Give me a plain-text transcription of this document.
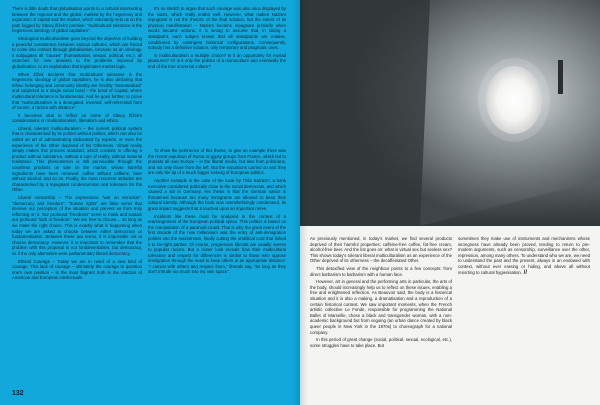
There is little doubt that globalisation points to a cultural intersecting between the regional and the global, marked by the hegemony and expansion of capital and the market, which voluntarily sets us on the path fogged by Slavoj Žižek's premise: "multicultural tolerance is the hegemonic ideology of global capitalism".

Ideological multiculturalism goes beyond the objective of building a peaceful coexistence between various cultures, which are forced to come into contact through globalisation, because as an ideology, it subjugates all "causes" (humanitarian, sexual, political, etc.), all searches for new answers to the problems imposed by globalisation, to an exploitation that legitimates market logic.

When Žižek declares that multicultural tolerance is the hegemonic ideology of global capitalism, he is also declaring that ethnic belonging and community identity are forcibly "essentialised" and subjected to a single social bond – the bond of Capital, where multicultural tolerance is fundamental. And he goes further, to prove that "multiculturalism is a denegated, inverted, self-referential form of racism, a racism with distance".

It becomes vital to reflect on some of Slavoj Žižek's considerations on multiculturalism, liberalism and ethics.

Liberal, tolerant multiculturalism – the current political system that is characterised by its politics without politics, which can also be called an art of administrating elaborated by experts, or even the experience of the Other deprived of his Otherness. Virtual reality simply makes this process standard, which consists in offering a product without substance, without a core of reality, without material resistance. This phenomenon is still perceivable through the countless products on sale on the market, whose harmful ingredients have been removed: coffee without caffeine, beer without alcohol, and so on. Finally, the most recurrent attitudes are characterised by a repugnant condescension and tolerance for the Other.

Liberal censorship – The expressions "war on terrorism", "democracy and freedom", "human rights" are false terms that deceive our perception of the situation and prevent us from truly reflecting on it. Our profound "freedoms" serve to mask and sustain our profound "lack of freedom". We are free to choose… as long as we make the right choice. This is exactly what is happening when today we are asked to choose between either democracy or fundamentalism. Between these two terms, it is impossible not to choose democracy. However, it is important to remember that the problem with this proposal is not fundamentalism, but democracy, as if the only alternative were parliamentary liberal democracy.

Ethical Courage – Today we are in need of a new kind of courage. This lack of courage – ultimately the courage to question one's own position – is the most flagrant truth in the reaction of American and European intellectuals.

It's no stretch to argue that such courage was also once displayed by the Nazis, which really ended well. However, what makes Nazism repugnant is not the rhetoric of the final solution, but the extent of its physical manifestation – Nazism became repugnant primarily when words became actions. It is wrong to assume that, in taking a standpoint, each subject knows that all standpoints are relative, conditioned by contingent historical configurations. Consequently, nobody has a definitive solution, only temporary and pragmatic ones.

Is multiculturalism a multiple choice? Is it an opportunity for myriad pleasures? Or is it only the politics of a monoculture and eventually the end of the true universal culture?

To show the pertinence of this theme, to give an example there was the recent expulsion of Roma or gypsy groups from France, which led to protests all over Europe – in the liberal media, but also from politicians, and not only those from the left. But the expulsions carried on and they are only the tip of a much bigger iceberg of European politics.

Another example is the case of the book by Thilo Sarrazin, a bank executive considered politically close to the social democrats, and which caused a stir in Germany. His thesis is that the German nation is threatened because too many immigrants are allowed to keep their cultural identity. Although the book was overwhelmingly condemned, its great impact suggests that it touched upon an important nerve.

Incidents like these must be analysed in the context of a rearrangement of the European political space. This politics is based on the manipulation of a paranoid crowd. That is why the great event of the first decade of the new millennium was the entry of anti-immigration politics into the mainstream, finally cutting the umbilical cord that linked it to far-right parties. Of course, progressive liberals are usually averse to populist racism. But a closer look reveals how their multicultural tolerance and respect for differences is similar to those who oppose immigration through the need to keep others at an appropriate distance: "I coexist with others and respect them," liberals say, "as long as they don't intrude too much into my own space".

132

As previously mentioned, in today's market, we find several products deprived of their harmful properties: caffeine-free coffee, fat-free cream, alcohol-free beer. And the list goes on: what is virtual sex but sexless sex? This shows today's tolerant liberal multiculturalism as an experience of the Other deprived of its otherness – the decaffeinated Other.

This detoxified view of the neighbour points to a few concepts: from direct barbarism to barbarism with a human face.

However, art in general and the performing arts in particular, the arts of the body, should increasingly help us to reflect on these issues, enabling a free and enlightened reflection. As Beauvoir said, the body is a historical situation and it is also a making, a dramatisation and a reproduction of a certain historical context. We saw important moments, when the French artistic collective Le Fonde, responsible for programming the National Ballet of Marseille, chose a black and transgender woman, with a non-academic background but from voguing (an urban dance created by black queer people in New York in the 1970s) to choreograph for a national company.

In this period of great change (social, political, sexual, ecological, etc.), some struggles have to take place. But

sometimes they make use of instruments and mechanisms whose wrongness have already been proved, tending to return to pre-modern arguments, such as censorship, surveillance over the other, repression, among many others. To understand who we are, we need to understand the past and the present, always in an endowed with context, without ever erasing or hiding, and above all without resorting to cultural hygienisation. //
